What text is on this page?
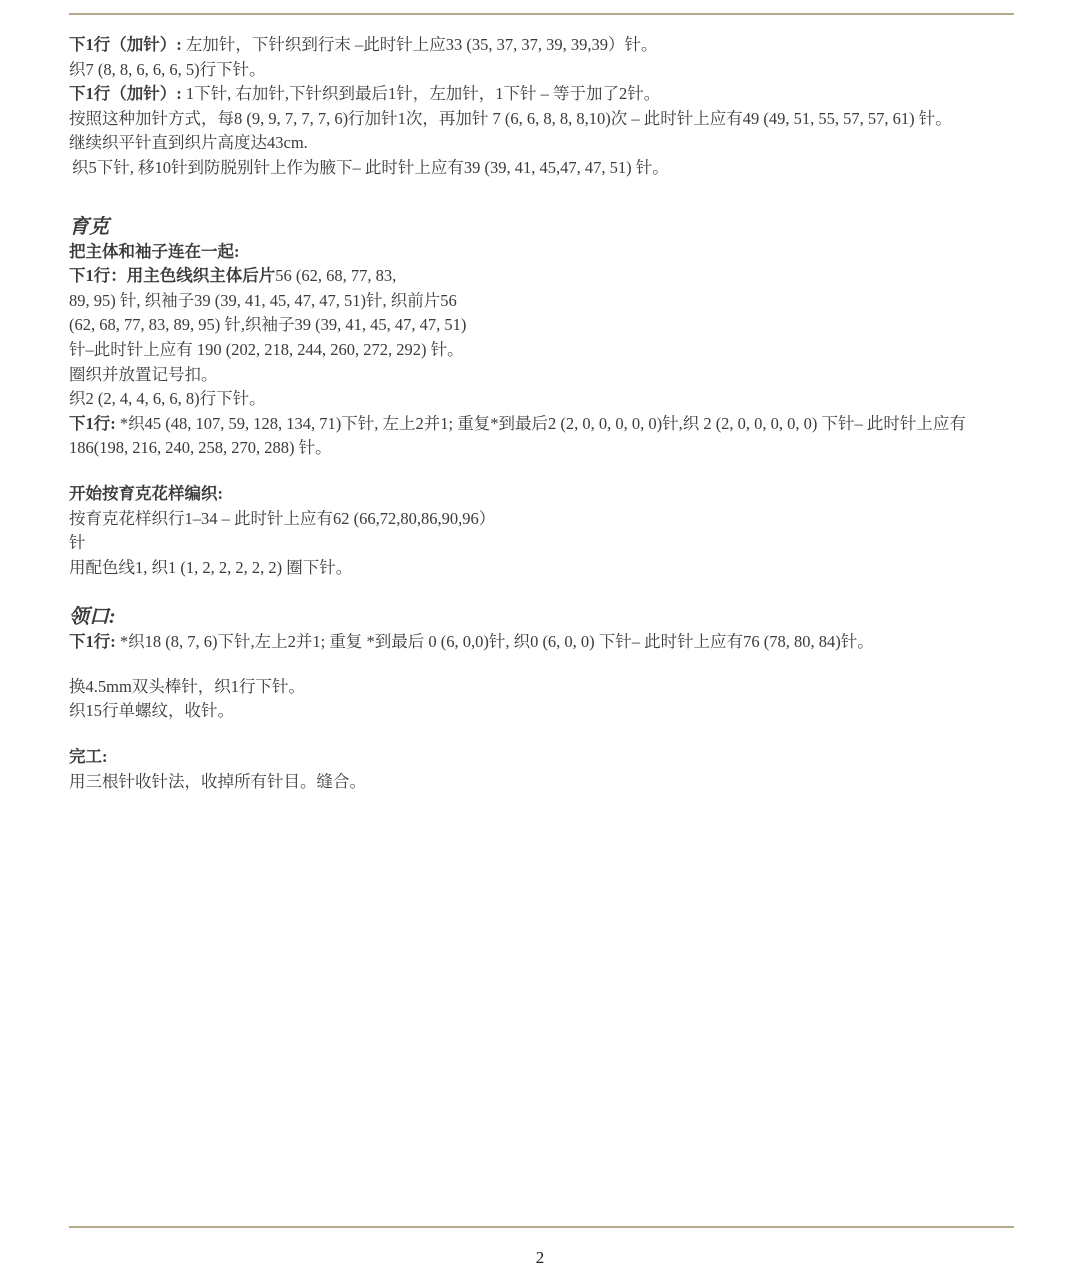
下1行（加针）: 左加针，下针织到行末 –此时针上应33 (35, 37, 37, 39, 39,39）针。

织7 (8, 8, 6, 6, 6, 5)行下针。

下1行（加针）: 1下针, 右加针,下针织到最后1针，左加针，1下针 – 等于加了2针。

按照这种加针方式，每8 (9, 9, 7, 7, 7, 6)行加针1次，再加针 7 (6, 6, 8, 8, 8,10)次 – 此时针上应有49 (49, 51, 55, 57, 57, 61) 针。

继续织平针直到织片高度达43cm.

织5下针, 移10针到防脱别针上作为腋下– 此时针上应有39 (39, 41, 45,47, 47, 51) 针。

育克

把主体和袖子连在一起:

下1行：用主色线织主体后片56 (62, 68, 77, 83,

89, 95) 针, 织袖子39 (39, 41, 45, 47, 47, 51)针, 织前片56

(62, 68, 77, 83, 89, 95) 针,织袖子39 (39, 41, 45, 47, 47, 51)

针–此时针上应有 190 (202, 218, 244, 260, 272, 292) 针。

圈织并放置记号扣。

织2 (2, 4, 4, 6, 6, 8)行下针。

下1行: *织45 (48, 107, 59, 128, 134, 71)下针, 左上2并1; 重复*到最后2 (2, 0, 0, 0, 0, 0)针,织 2 (2, 0, 0, 0, 0, 0) 下针– 此时针上应有186(198, 216, 240, 258, 270, 288) 针。

开始按育克花样编织:

按育克花样织行1–34 – 此时针上应有62 (66,72,80,86,90,96）

针

用配色线1, 织1 (1, 2, 2, 2, 2, 2) 圈下针。

领口:

下1行: *织18 (8, 7, 6)下针,左上2并1; 重复 *到最后 0 (6, 0,0)针, 织0 (6, 0, 0) 下针– 此时针上应有76 (78, 80, 84)针。

换4.5mm双头棒针，织1行下针。

织15行单螺纹，收针。

完工:

用三根针收针法，收掉所有针目。缝合。

2
